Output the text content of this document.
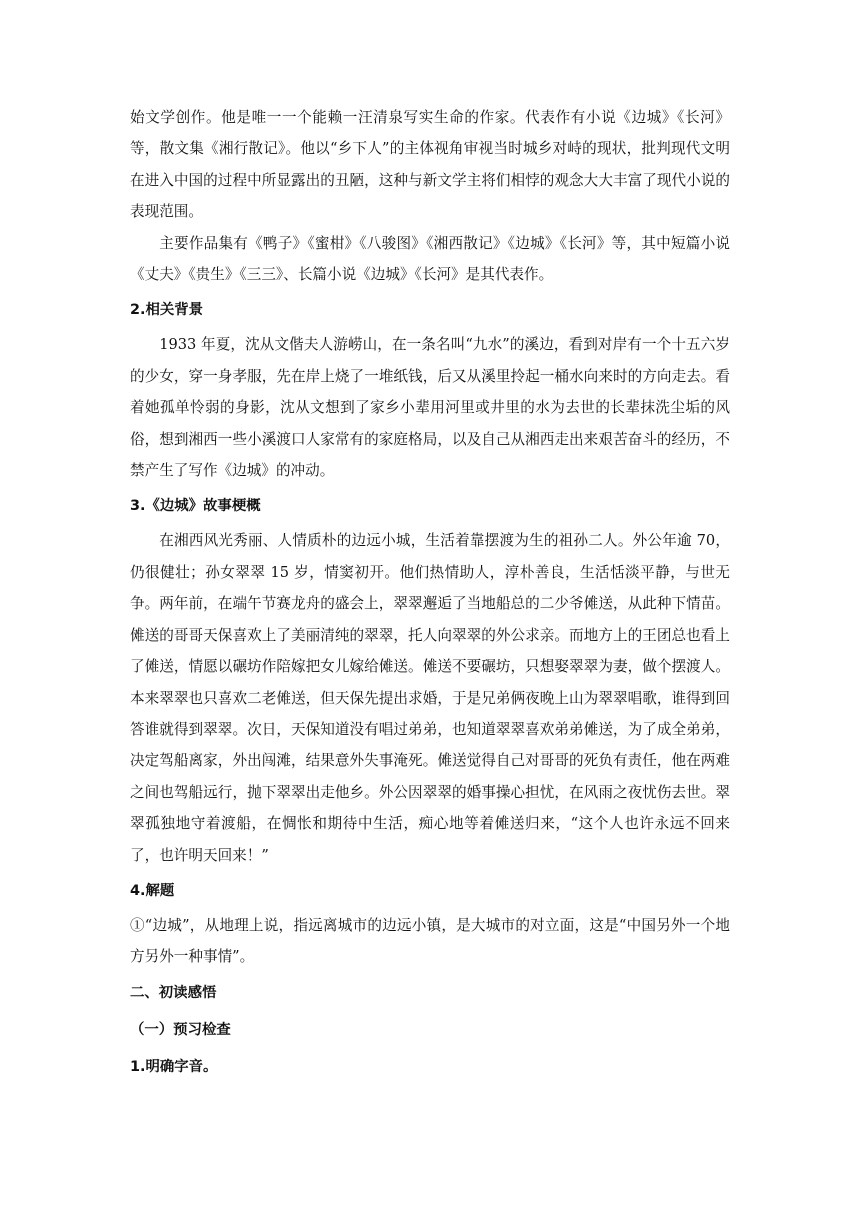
始文学创作。他是唯一一个能赖一汪清泉写实生命的作家。代表作有小说《边城》《长河》等，散文集《湘行散记》。他以“乡下人”的主体视角审视当时城乡对峙的现状，批判现代文明在进入中国的过程中所显露出的丑陋，这种与新文学主将们相悖的观念大大丰富了现代小说的表现范围。

主要作品集有《鸭子》《蜜柑》《八骏图》《湘西散记》《边城》《长河》等，其中短篇小说《丈夫》《贵生》《三三》、长篇小说《边城》《长河》是其代表作。

2.相关背景

1933 年夏，沈从文偕夫人游崂山，在一条名叫“九水”的溪边，看到对岸有一个十五六岁的少女，穿一身孝服，先在岸上烧了一堆纸钱，后又从溪里拎起一桶水向来时的方向走去。看着她孤单怜弱的身影，沈从文想到了家乡小辈用河里或井里的水为去世的长辈抹洗尘垢的风俗，想到湘西一些小溪渡口人家常有的家庭格局，以及自己从湘西走出来艰苦奋斗的经历，不禁产生了写作《边城》的冲动。

3.《边城》故事梗概

在湘西风光秀丽、人情质朴的边远小城，生活着靠摆渡为生的祖孙二人。外公年逾 70，仍很健壮；孙女翠翠 15 岁，情窦初开。他们热情助人，淳朴善良，生活恬淡平静，与世无争。两年前，在端午节赛龙舟的盛会上，翠翠邂逅了当地船总的二少爷傩送，从此种下情苗。傩送的哥哥天保喜欢上了美丽清纯的翠翠，托人向翠翠的外公求亲。而地方上的王团总也看上了傩送，情愿以碾坊作陪嫁把女儿嫁给傩送。傩送不要碾坊，只想娶翠翠为妻，做个摆渡人。本来翠翠也只喜欢二老傩送，但天保先提出求婚，于是兄弟俩夜晚上山为翠翠唱歌，谁得到回答谁就得到翠翠。次日，天保知道没有唱过弟弟，也知道翠翠喜欢弟弟傩送，为了成全弟弟，决定驾船离家，外出闯滩，结果意外失事淹死。傩送觉得自己对哥哥的死负有责任，他在两难之间也驾船远行，抛下翠翠出走他乡。外公因翠翠的婚事操心担忧，在风雨之夜忧伤去世。翠翠孤独地守着渡船，在惆怅和期待中生活，痴心地等着傩送归来，“这个人也许永远不回来了，也许明天回来！”

4.解题

①“边城”，从地理上说，指远离城市的边远小镇，是大城市的对立面，这是“中国另外一个地方另外一种事情”。

二、初读感悟
（一）预习检查
1.明确字音。
